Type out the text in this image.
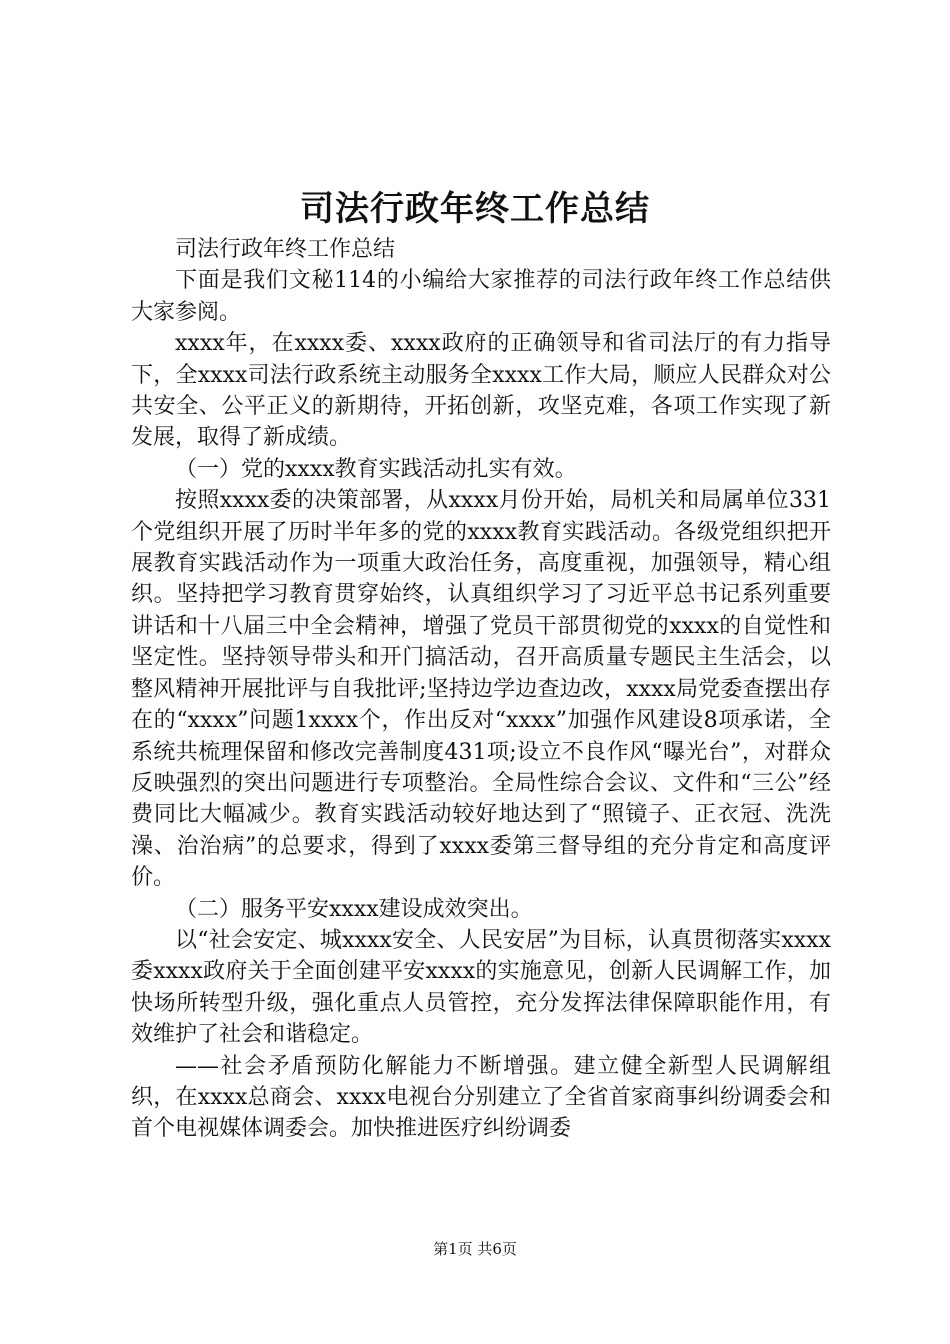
司法行政年终工作总结

司法行政年终工作总结

下面是我们文秘114的小编给大家推荐的司法行政年终工作总结供大家参阅。

xxxx年，在xxxx委、xxxx政府的正确领导和省司法厅的有力指导下，全xxxx司法行政系统主动服务全xxxx工作大局，顺应人民群众对公共安全、公平正义的新期待，开拓创新，攻坚克难，各项工作实现了新发展，取得了新成绩。

（一）党的xxxx教育实践活动扎实有效。

按照xxxx委的决策部署，从xxxx月份开始，局机关和局属单位331个党组织开展了历时半年多的党的xxxx教育实践活动。各级党组织把开展教育实践活动作为一项重大政治任务，高度重视，加强领导，精心组织。坚持把学习教育贯穿始终，认真组织学习了习近平总书记系列重要讲话和十八届三中全会精神，增强了党员干部贯彻党的xxxx的自觉性和坚定性。坚持领导带头和开门搞活动，召开高质量专题民主生活会，以整风精神开展批评与自我批评;坚持边学边查边改，xxxx局党委查摆出存在的“xxxx”问题1xxxx个，作出反对“xxxx”加强作风建设8项承诺，全系统共梳理保留和修改完善制度431项;设立不良作风“曝光台”，对群众反映强烈的突出问题进行专项整治。全局性综合会议、文件和“三公”经费同比大幅减少。教育实践活动较好地达到了“照镜子、正衣冠、洗洗澡、治治病”的总要求，得到了xxxx委第三督导组的充分肯定和高度评价。

（二）服务平安xxxx建设成效突出。

以“社会安定、城xxxx安全、人民安居”为目标，认真贯彻落实xxxx委xxxx政府关于全面创建平安xxxx的实施意见，创新人民调解工作，加快场所转型升级，强化重点人员管控，充分发挥法律保障职能作用，有效维护了社会和谐稳定。

——社会矛盾预防化解能力不断增强。建立健全新型人民调解组织，在xxxx总商会、xxxx电视台分别建立了全省首家商事纠纷调委会和首个电视媒体调委会。加快推进医疗纠纷调委

第1页 共6页
